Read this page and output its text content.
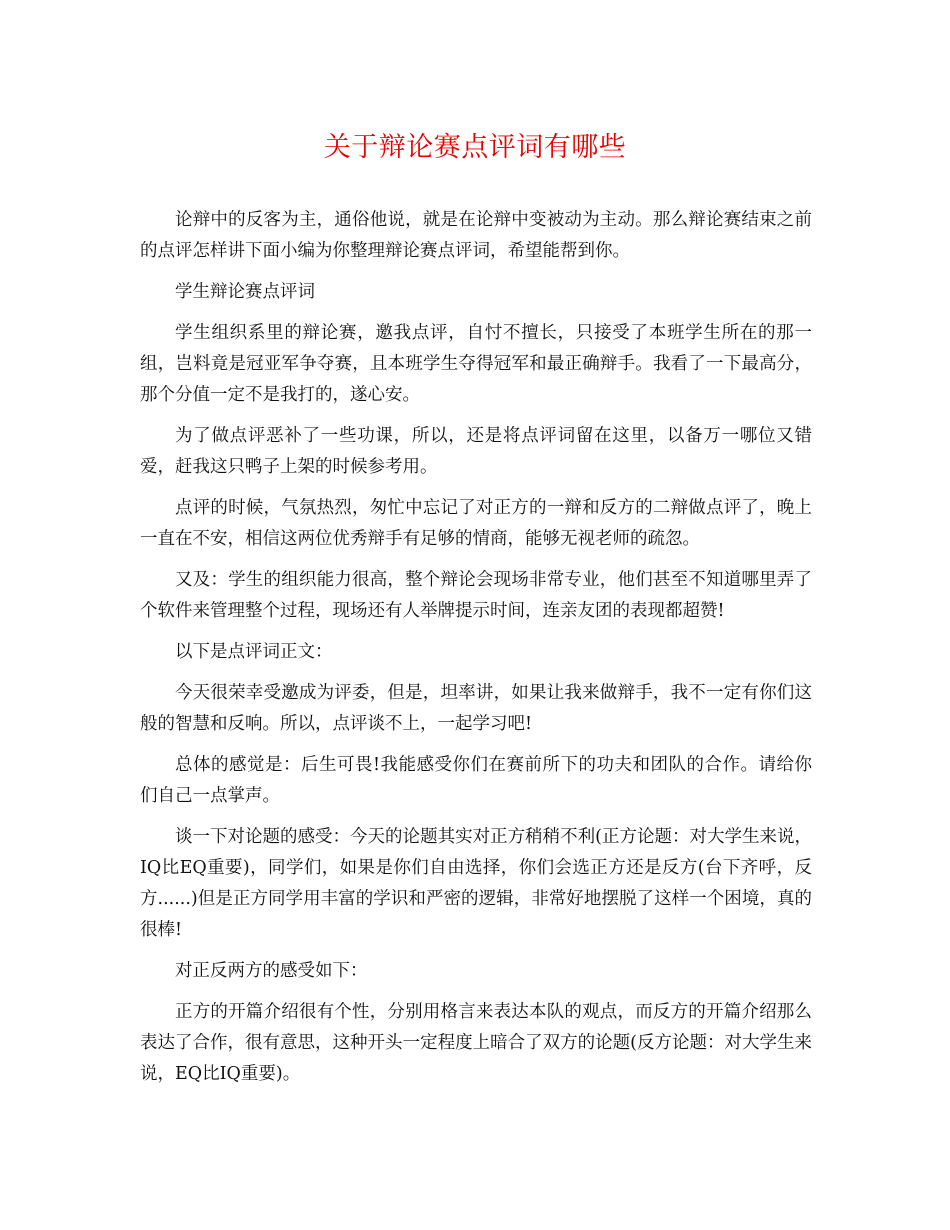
关于辩论赛点评词有哪些

论辩中的反客为主，通俗他说，就是在论辩中变被动为主动。那么辩论赛结束之前的点评怎样讲下面小编为你整理辩论赛点评词，希望能帮到你。

学生辩论赛点评词

学生组织系里的辩论赛，邀我点评，自忖不擅长，只接受了本班学生所在的那一组，岂料竟是冠亚军争夺赛，且本班学生夺得冠军和最正确辩手。我看了一下最高分，那个分值一定不是我打的，遂心安。

为了做点评恶补了一些功课，所以，还是将点评词留在这里，以备万一哪位又错爱，赶我这只鸭子上架的时候参考用。

点评的时候，气氛热烈，匆忙中忘记了对正方的一辩和反方的二辩做点评了，晚上一直在不安，相信这两位优秀辩手有足够的情商，能够无视老师的疏忽。

又及：学生的组织能力很高，整个辩论会现场非常专业，他们甚至不知道哪里弄了个软件来管理整个过程，现场还有人举牌提示时间，连亲友团的表现都超赞!

以下是点评词正文：

今天很荣幸受邀成为评委，但是，坦率讲，如果让我来做辩手，我不一定有你们这般的智慧和反响。所以，点评谈不上，一起学习吧!

总体的感觉是：后生可畏!我能感受你们在赛前所下的功夫和团队的合作。请给你们自己一点掌声。

谈一下对论题的感受：今天的论题其实对正方稍稍不利(正方论题：对大学生来说，IQ比EQ重要)，同学们，如果是你们自由选择，你们会选正方还是反方(台下齐呼，反方......)但是正方同学用丰富的学识和严密的逻辑，非常好地摆脱了这样一个困境，真的很棒!

对正反两方的感受如下：

正方的开篇介绍很有个性，分别用格言来表达本队的观点，而反方的开篇介绍那么表达了合作，很有意思，这种开头一定程度上暗合了双方的论题(反方论题：对大学生来说，EQ比IQ重要)。
